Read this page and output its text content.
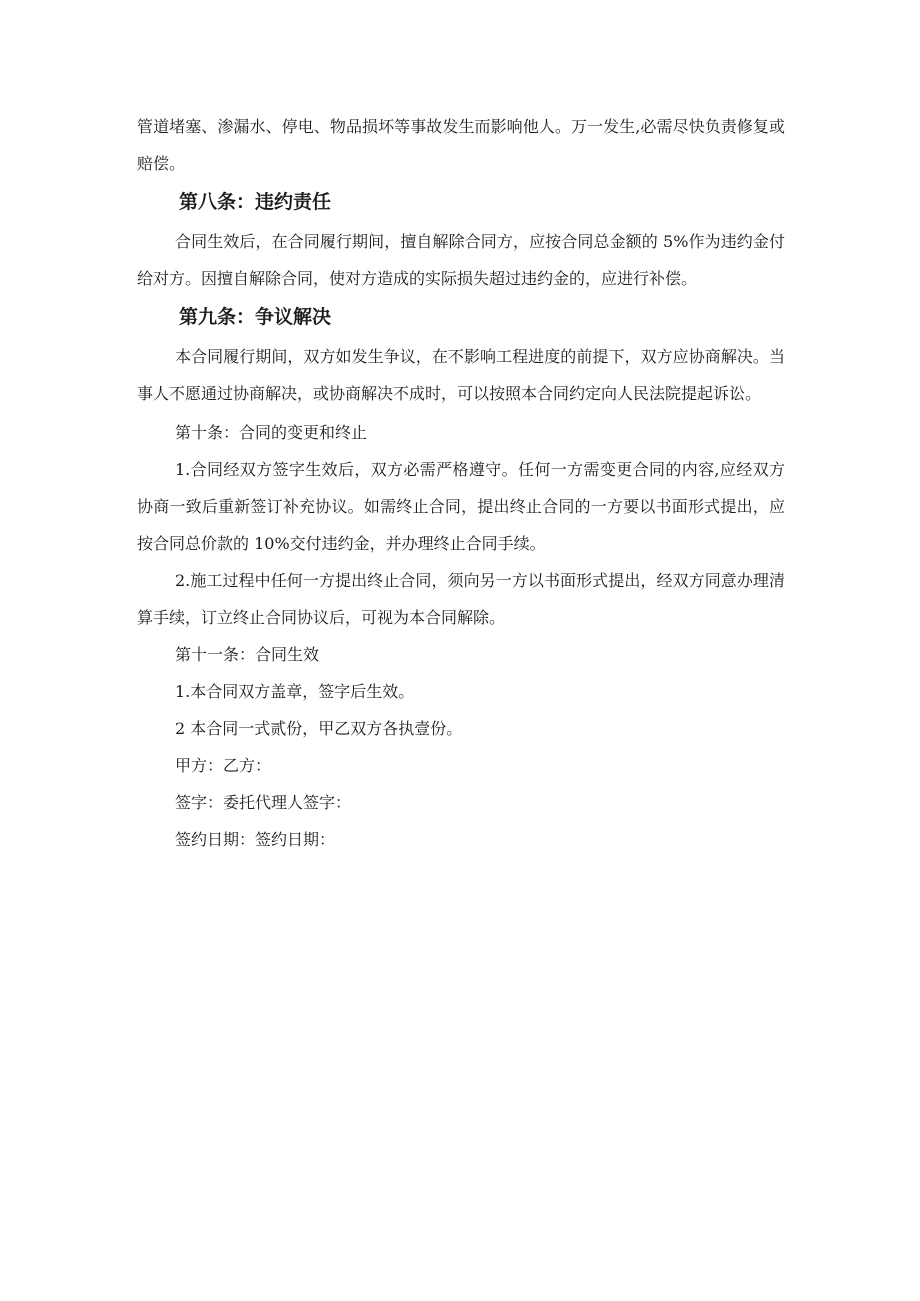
管道堵塞、渗漏水、停电、物品损坏等事故发生而影响他人。万一发生,必需尽快负责修复或赔偿。

第八条：违约责任

合同生效后，在合同履行期间，擅自解除合同方，应按合同总金额的 5%作为违约金付给对方。因擅自解除合同，使对方造成的实际损失超过违约金的，应进行补偿。

第九条：争议解决

本合同履行期间，双方如发生争议，在不影响工程进度的前提下，双方应协商解决。当事人不愿通过协商解决，或协商解决不成时，可以按照本合同约定向人民法院提起诉讼。

第十条：合同的变更和终止

1.合同经双方签字生效后，双方必需严格遵守。任何一方需变更合同的内容,应经双方协商一致后重新签订补充协议。如需终止合同，提出终止合同的一方要以书面形式提出，应按合同总价款的 10%交付违约金，并办理终止合同手续。

2.施工过程中任何一方提出终止合同，须向另一方以书面形式提出，经双方同意办理清算手续，订立终止合同协议后，可视为本合同解除。

第十一条：合同生效

1.本合同双方盖章，签字后生效。

2 本合同一式贰份，甲乙双方各执壹份。

甲方：乙方：

签字：委托代理人签字：

签约日期：签约日期：
